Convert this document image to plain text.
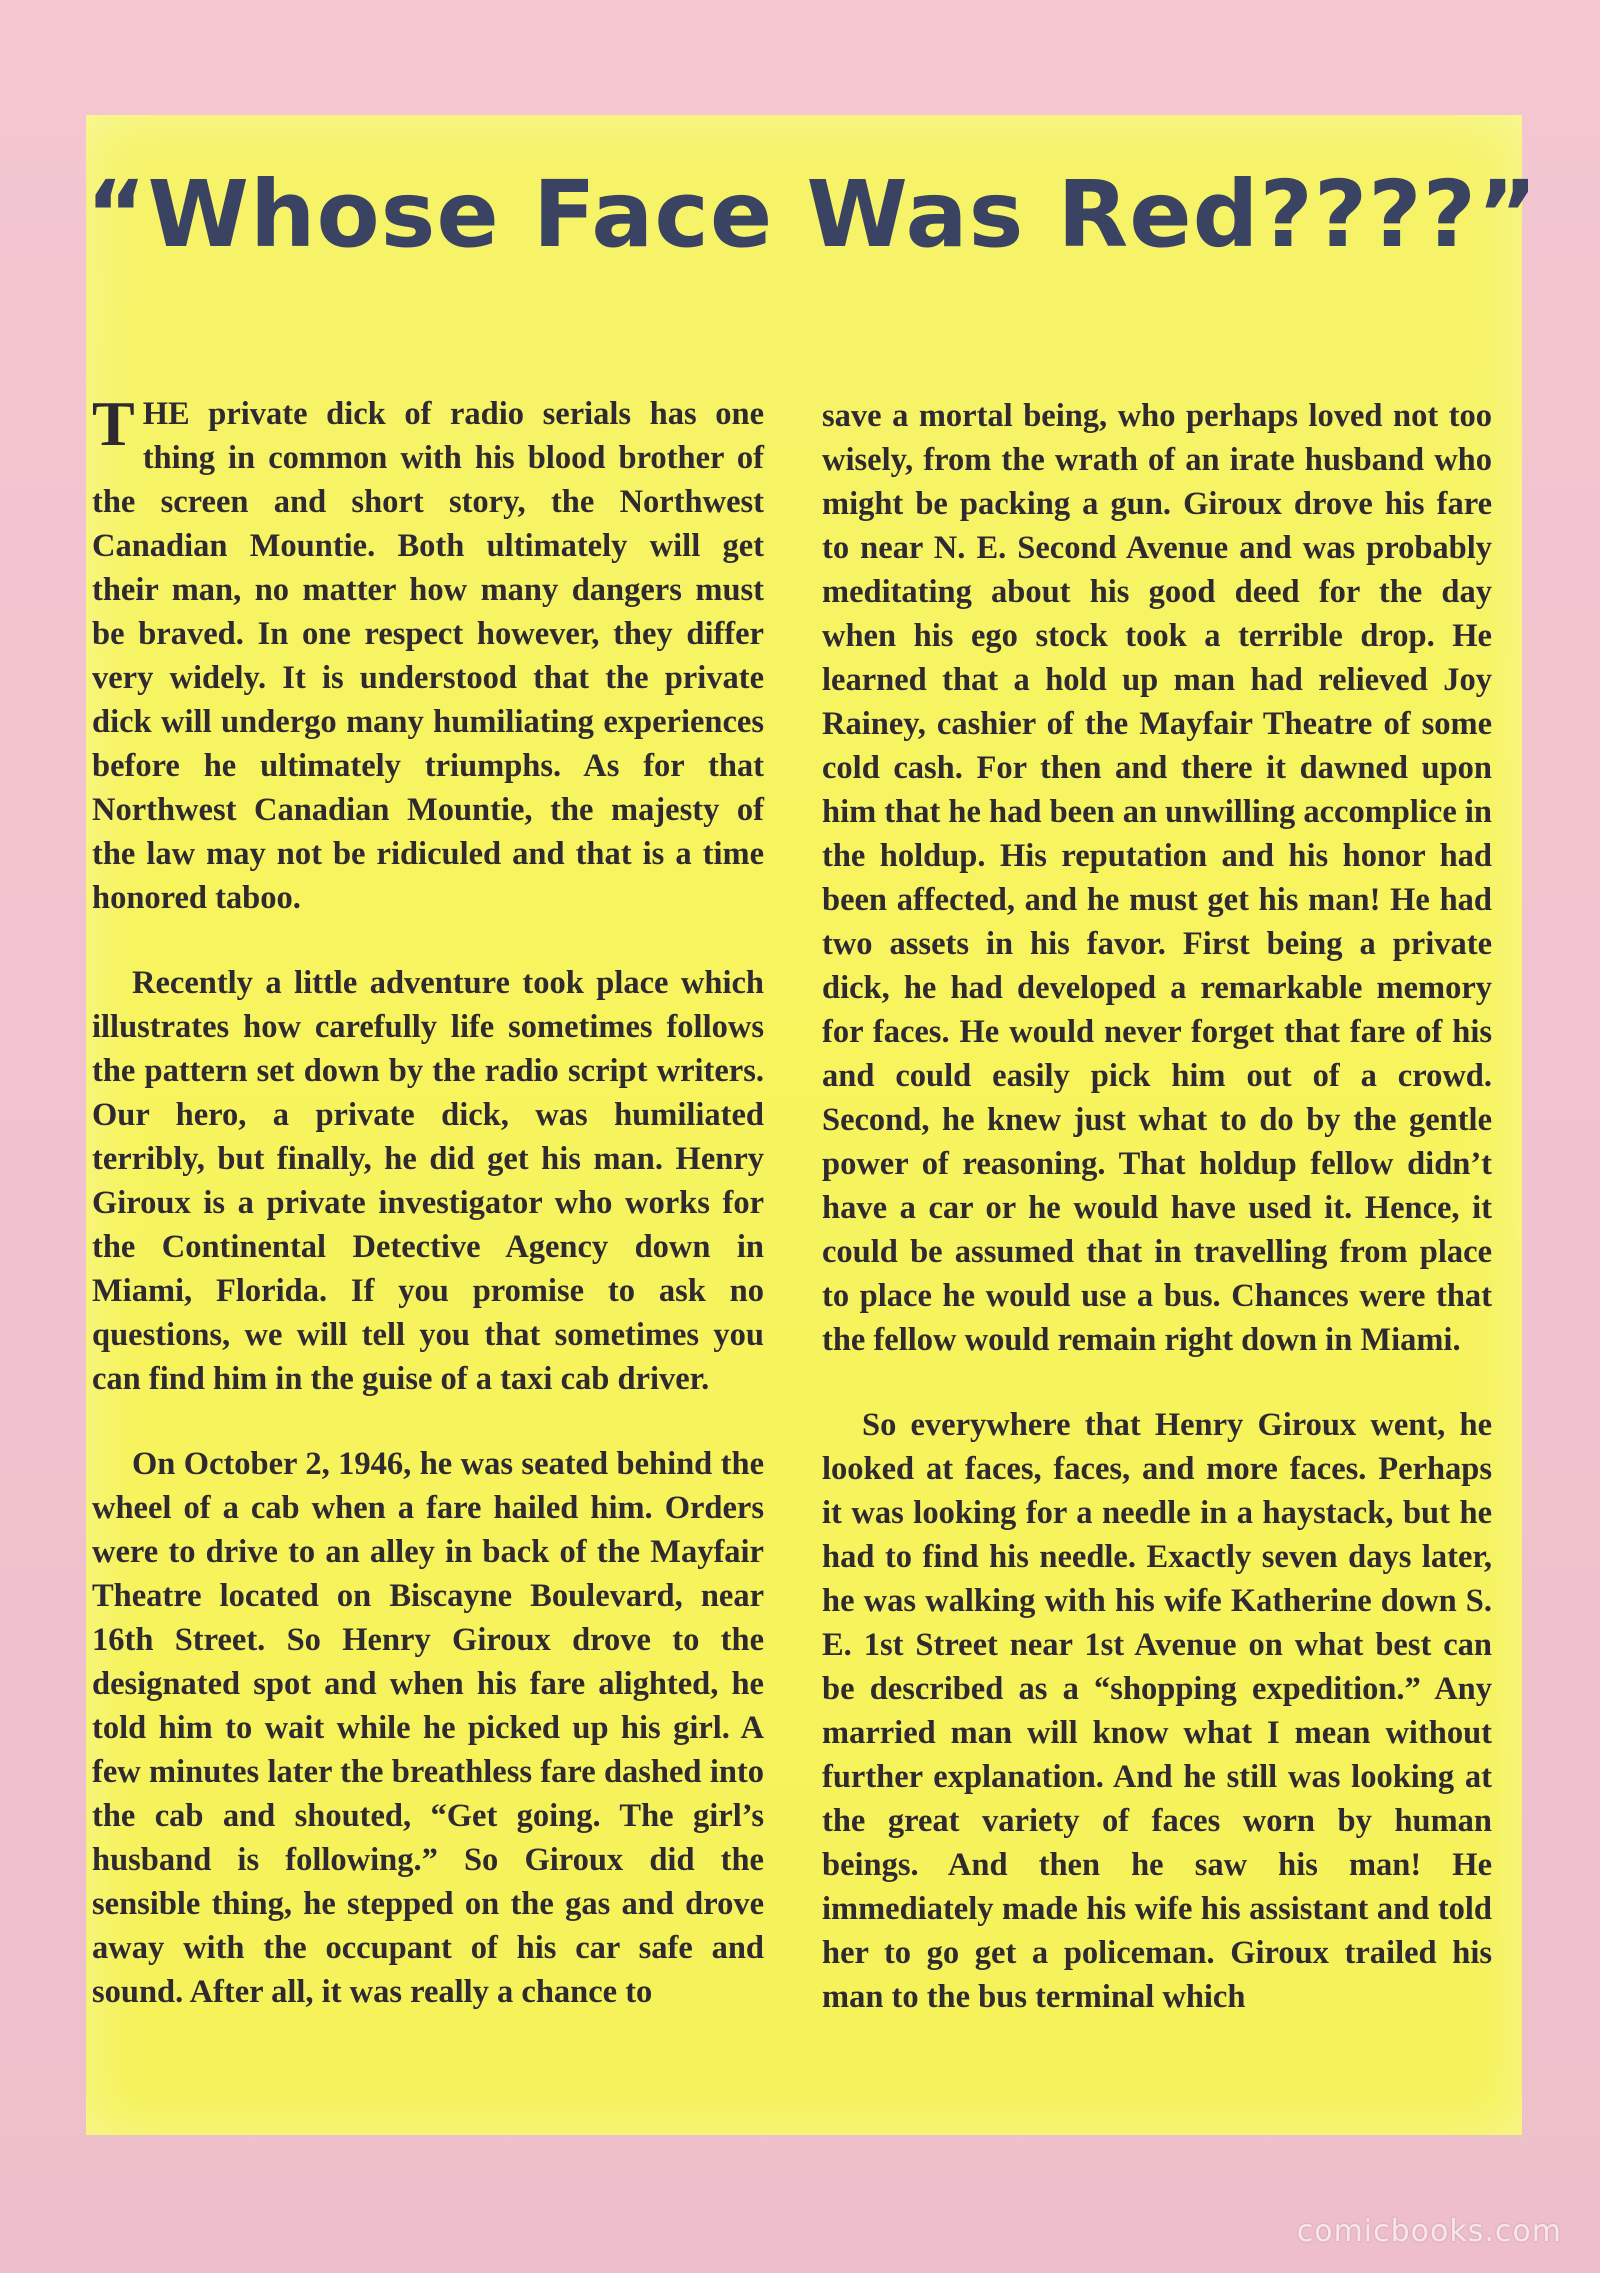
“Whose Face Was Red????”

THE private dick of radio serials has one thing in common with his blood brother of the screen and short story, the Northwest Canadian Mountie. Both ultimately will get their man, no matter how many dangers must be braved. In one respect however, they differ very widely. It is understood that the private dick will undergo many humiliating experiences before he ultimately triumphs. As for that Northwest Canadian Mountie, the majesty of the law may not be ridiculed and that is a time honored taboo.

Recently a little adventure took place which illustrates how carefully life sometimes follows the pattern set down by the radio script writers. Our hero, a private dick, was humiliated terribly, but finally, he did get his man. Henry Giroux is a private investigator who works for the Continental Detective Agency down in Miami, Florida. If you promise to ask no questions, we will tell you that sometimes you can find him in the guise of a taxi cab driver.

On October 2, 1946, he was seated behind the wheel of a cab when a fare hailed him. Orders were to drive to an alley in back of the Mayfair Theatre located on Biscayne Boulevard, near 16th Street. So Henry Giroux drove to the designated spot and when his fare alighted, he told him to wait while he picked up his girl. A few minutes later the breathless fare dashed into the cab and shouted, “Get going. The girl’s husband is following.” So Giroux did the sensible thing, he stepped on the gas and drove away with the occupant of his car safe and sound. After all, it was really a chance to

save a mortal being, who perhaps loved not too wisely, from the wrath of an irate husband who might be packing a gun. Giroux drove his fare to near N. E. Second Avenue and was probably meditating about his good deed for the day when his ego stock took a terrible drop. He learned that a hold up man had relieved Joy Rainey, cashier of the Mayfair Theatre of some cold cash. For then and there it dawned upon him that he had been an unwilling accomplice in the holdup. His reputation and his honor had been affected, and he must get his man! He had two assets in his favor. First being a private dick, he had developed a remarkable memory for faces. He would never forget that fare of his and could easily pick him out of a crowd. Second, he knew just what to do by the gentle power of reasoning. That holdup fellow didn’t have a car or he would have used it. Hence, it could be assumed that in travelling from place to place he would use a bus. Chances were that the fellow would remain right down in Miami.

So everywhere that Henry Giroux went, he looked at faces, faces, and more faces. Perhaps it was looking for a needle in a haystack, but he had to find his needle. Exactly seven days later, he was walking with his wife Katherine down S. E. 1st Street near 1st Avenue on what best can be described as a “shopping expedition.” Any married man will know what I mean without further explanation. And he still was looking at the great variety of faces worn by human beings. And then he saw his man! He immediately made his wife his assistant and told her to go get a policeman. Giroux trailed his man to the bus terminal which

comicbooks.com
